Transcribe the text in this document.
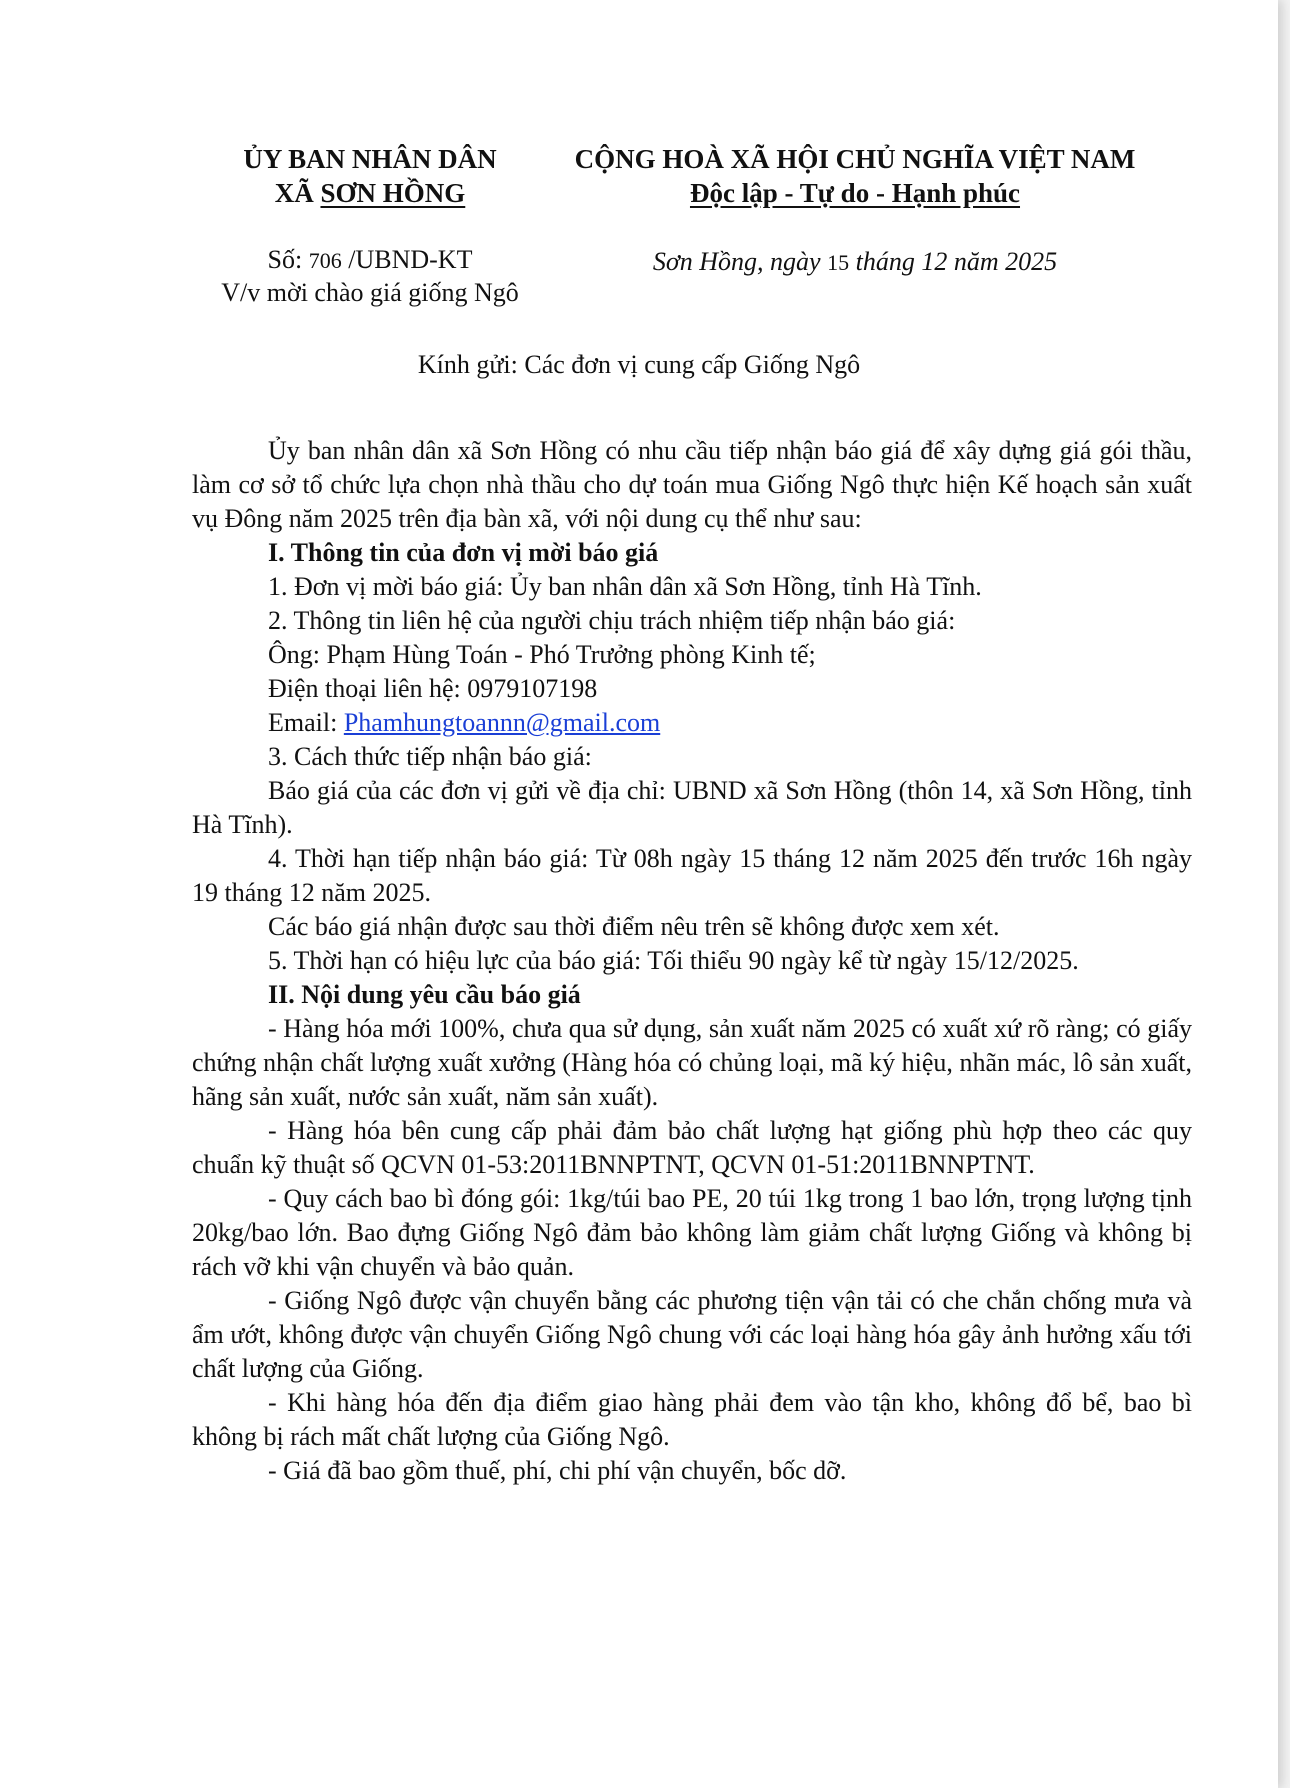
ỦY BAN NHÂN DÂN
XÃ SƠN HỒNG
Số: 706 /UBND-KT
V/v mời chào giá giống Ngô
CỘNG HOÀ XÃ HỘI CHỦ NGHĨA VIỆT NAM
Độc lập - Tự do - Hạnh phúc
Sơn Hồng, ngày 15 tháng 12 năm 2025
Kính gửi: Các đơn vị cung cấp Giống Ngô

Ủy ban nhân dân xã Sơn Hồng có nhu cầu tiếp nhận báo giá để xây dựng giá gói thầu, làm cơ sở tổ chức lựa chọn nhà thầu cho dự toán mua Giống Ngô thực hiện Kế hoạch sản xuất vụ Đông năm 2025 trên địa bàn xã, với nội dung cụ thể như sau:

I. Thông tin của đơn vị mời báo giá

1. Đơn vị mời báo giá: Ủy ban nhân dân xã Sơn Hồng, tỉnh Hà Tĩnh.

2. Thông tin liên hệ của người chịu trách nhiệm tiếp nhận báo giá:

Ông: Phạm Hùng Toán - Phó Trưởng phòng Kinh tế;

Điện thoại liên hệ: 0979107198

Email: Phamhungtoannn@gmail.com

3. Cách thức tiếp nhận báo giá:

Báo giá của các đơn vị gửi về địa chỉ: UBND xã Sơn Hồng (thôn 14, xã Sơn Hồng, tỉnh Hà Tĩnh).

4. Thời hạn tiếp nhận báo giá: Từ 08h ngày 15 tháng 12 năm 2025 đến trước 16h ngày 19 tháng 12 năm 2025.

Các báo giá nhận được sau thời điểm nêu trên sẽ không được xem xét.

5. Thời hạn có hiệu lực của báo giá: Tối thiểu 90 ngày kể từ ngày 15/12/2025.

II. Nội dung yêu cầu báo giá

- Hàng hóa mới 100%, chưa qua sử dụng, sản xuất năm 2025 có xuất xứ rõ ràng; có giấy chứng nhận chất lượng xuất xưởng (Hàng hóa có chủng loại, mã ký hiệu, nhãn mác, lô sản xuất, hãng sản xuất, nước sản xuất, năm sản xuất).

- Hàng hóa bên cung cấp phải đảm bảo chất lượng hạt giống phù hợp theo các quy chuẩn kỹ thuật số QCVN 01-53:2011BNNPTNT, QCVN 01-51:2011BNNPTNT.

- Quy cách bao bì đóng gói: 1kg/túi bao PE, 20 túi 1kg trong 1 bao lớn, trọng lượng tịnh 20kg/bao lớn. Bao đựng Giống Ngô đảm bảo không làm giảm chất lượng Giống và không bị rách vỡ khi vận chuyển và bảo quản.

- Giống Ngô được vận chuyển bằng các phương tiện vận tải có che chắn chống mưa và ẩm ướt, không được vận chuyển Giống Ngô chung với các loại hàng hóa gây ảnh hưởng xấu tới chất lượng của Giống.

- Khi hàng hóa đến địa điểm giao hàng phải đem vào tận kho, không đổ bể, bao bì không bị rách mất chất lượng của Giống Ngô.

- Giá đã bao gồm thuế, phí, chi phí vận chuyển, bốc dỡ.
